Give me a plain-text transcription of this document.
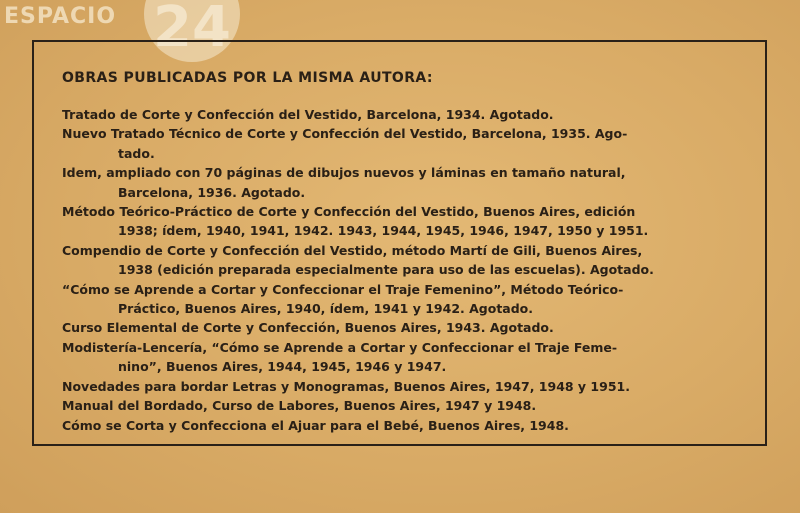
ESPACIO 24
OBRAS PUBLICADAS POR LA MISMA AUTORA:
Tratado de Corte y Confección del Vestido, Barcelona, 1934. Agotado.
Nuevo Tratado Técnico de Corte y Confección del Vestido, Barcelona, 1935. Ago-
tado.
Idem, ampliado con 70 páginas de dibujos nuevos y láminas en tamaño natural,
Barcelona, 1936. Agotado.
Método Teórico-Práctico de Corte y Confección del Vestido, Buenos Aires, edición
1938; ídem, 1940, 1941, 1942. 1943, 1944, 1945, 1946, 1947, 1950 y 1951.
Compendio de Corte y Confección del Vestido, método Martí de Gili, Buenos Aires,
1938 (edición preparada especialmente para uso de las escuelas). Agotado.
“Cómo se Aprende a Cortar y Confeccionar el Traje Femenino”, Método Teórico-
Práctico, Buenos Aires, 1940, ídem, 1941 y 1942. Agotado.
Curso Elemental de Corte y Confección, Buenos Aires, 1943. Agotado.
Modistería-Lencería, “Cómo se Aprende a Cortar y Confeccionar el Traje Feme-
nino”, Buenos Aires, 1944, 1945, 1946 y 1947.
Novedades para bordar Letras y Monogramas, Buenos Aires, 1947, 1948 y 1951.
Manual del Bordado, Curso de Labores, Buenos Aires, 1947 y 1948.
Cómo se Corta y Confecciona el Ajuar para el Bebé, Buenos Aires, 1948.
